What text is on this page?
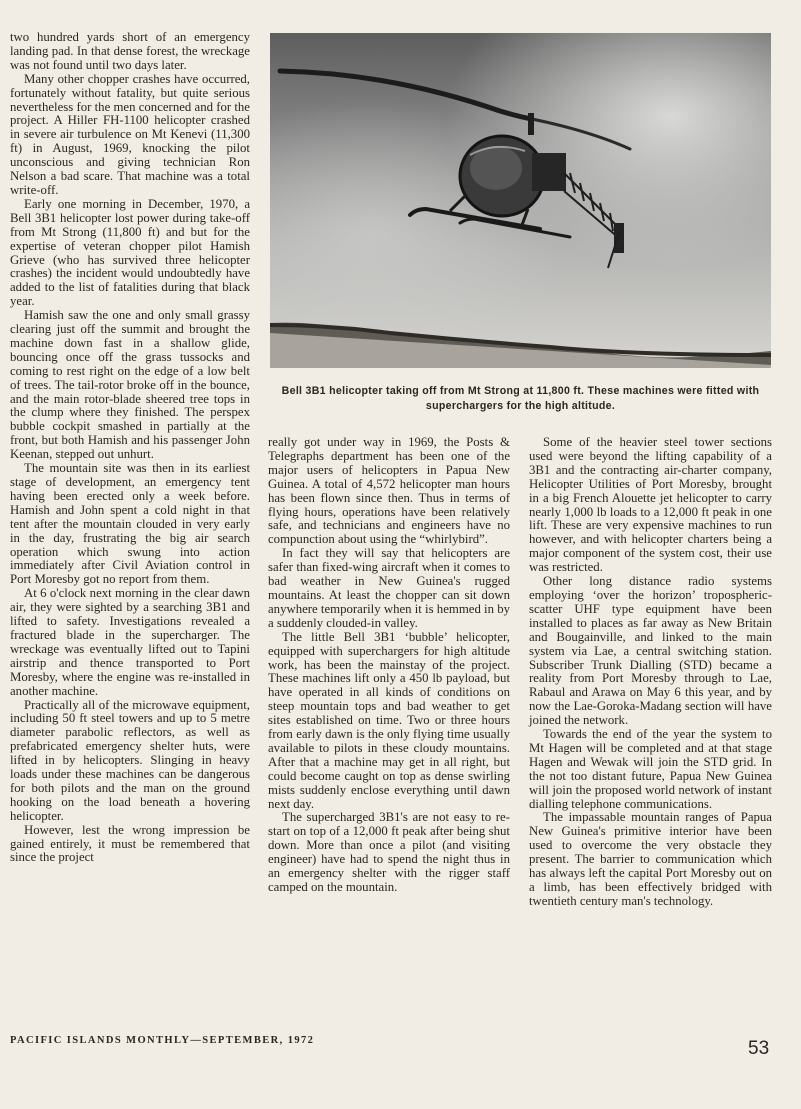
two hundred yards short of an emergency landing pad. In that dense forest, the wreckage was not found until two days later.

Many other chopper crashes have occurred, fortunately without fatality, but quite serious nevertheless for the men concerned and for the project. A Hiller FH-1100 helicopter crashed in severe air turbulence on Mt Kenevi (11,300 ft) in August, 1969, knocking the pilot unconscious and giving technician Ron Nelson a bad scare. That machine was a total write-off.

Early one morning in December, 1970, a Bell 3B1 helicopter lost power during take-off from Mt Strong (11,800 ft) and but for the expertise of veteran chopper pilot Hamish Grieve (who has survived three helicopter crashes) the incident would undoubtedly have added to the list of fatalities during that black year.

Hamish saw the one and only small grassy clearing just off the summit and brought the machine down fast in a shallow glide, bouncing once off the grass tussocks and coming to rest right on the edge of a low belt of trees. The tail-rotor broke off in the bounce, and the main rotor-blade sheered tree tops in the clump where they finished. The perspex bubble cockpit smashed in partially at the front, but both Hamish and his passenger John Keenan, stepped out unhurt.

The mountain site was then in its earliest stage of development, an emergency tent having been erected only a week before. Hamish and John spent a cold night in that tent after the mountain clouded in very early in the day, frustrating the big air search operation which swung into action immediately after Civil Aviation control in Port Moresby got no report from them.

At 6 o'clock next morning in the clear dawn air, they were sighted by a searching 3B1 and lifted to safety. Investigations revealed a fractured blade in the supercharger. The wreckage was eventually lifted out to Tapini airstrip and thence transported to Port Moresby, where the engine was re-installed in another machine.

Practically all of the microwave equipment, including 50 ft steel towers and up to 5 metre diameter parabolic reflectors, as well as prefabricated emergency shelter huts, were lifted in by helicopters. Slinging in heavy loads under these machines can be dangerous for both pilots and the man on the ground hooking on the load beneath a hovering helicopter.

However, lest the wrong impression be gained entirely, it must be remembered that since the project

Bell 3B1 helicopter taking off from Mt Strong at 11,800 ft. These machines were fitted with superchargers for the high altitude.

really got under way in 1969, the Posts & Telegraphs department has been one of the major users of helicopters in Papua New Guinea. A total of 4,572 helicopter man hours has been flown since then. Thus in terms of flying hours, operations have been relatively safe, and technicians and engineers have no compunction about using the “whirlybird”.

In fact they will say that helicopters are safer than fixed-wing aircraft when it comes to bad weather in New Guinea's rugged mountains. At least the chopper can sit down anywhere temporarily when it is hemmed in by a suddenly clouded-in valley.

The little Bell 3B1 ‘bubble’ helicopter, equipped with superchargers for high altitude work, has been the mainstay of the project. These machines lift only a 450 lb payload, but have operated in all kinds of conditions on steep mountain tops and bad weather to get sites established on time. Two or three hours from early dawn is the only flying time usually available to pilots in these cloudy mountains. After that a machine may get in all right, but could become caught on top as dense swirling mists suddenly enclose everything until dawn next day.

The supercharged 3B1's are not easy to re-start on top of a 12,000 ft peak after being shut down. More than once a pilot (and visiting engineer) have had to spend the night thus in an emergency shelter with the rigger staff camped on the mountain.

Some of the heavier steel tower sections used were beyond the lifting capability of a 3B1 and the contracting air-charter company, Helicopter Utilities of Port Moresby, brought in a big French Alouette jet helicopter to carry nearly 1,000 lb loads to a 12,000 ft peak in one lift. These are very expensive machines to run however, and with helicopter charters being a major component of the system cost, their use was restricted.

Other long distance radio systems employing ‘over the horizon’ tropospheric-scatter UHF type equipment have been installed to places as far away as New Britain and Bougainville, and linked to the main system via Lae, a central switching station. Subscriber Trunk Dialling (STD) became a reality from Port Moresby through to Lae, Rabaul and Arawa on May 6 this year, and by now the Lae-Goroka-Madang section will have joined the network.

Towards the end of the year the system to Mt Hagen will be completed and at that stage Hagen and Wewak will join the STD grid. In the not too distant future, Papua New Guinea will join the proposed world network of instant dialling telephone communications.

The impassable mountain ranges of Papua New Guinea's primitive interior have been used to overcome the very obstacle they present. The barrier to communication which has always left the capital Port Moresby out on a limb, has been effectively bridged with twentieth century man's technology.

PACIFIC ISLANDS MONTHLY—SEPTEMBER, 1972	53
